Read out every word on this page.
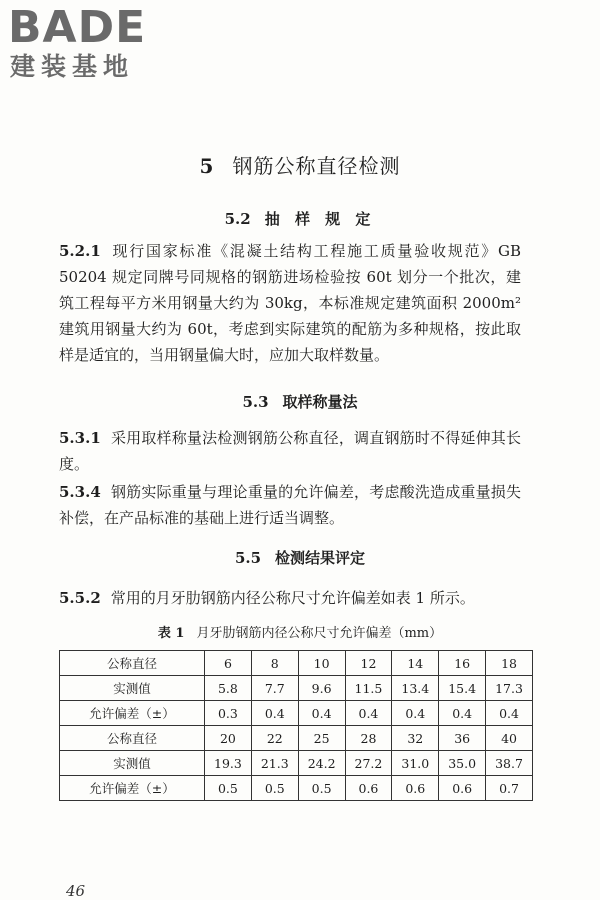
BADE
建装基地
5 钢筋公称直径检测
5.2 抽 样 规 定
5.2.1 现行国家标准《混凝土结构工程施工质量验收规范》GB 50204 规定同牌号同规格的钢筋进场检验按 60t 划分一个批次，建筑工程每平方米用钢量大约为 30kg，本标准规定建筑面积 2000m² 建筑用钢量大约为 60t，考虑到实际建筑的配筋为多种规格，按此取样是适宜的，当用钢量偏大时，应加大取样数量。
5.3 取样称量法
5.3.1 采用取样称量法检测钢筋公称直径，调直钢筋时不得延伸其长度。
5.3.4 钢筋实际重量与理论重量的允许偏差，考虑酸洗造成重量损失补偿，在产品标准的基础上进行适当调整。
5.5 检测结果评定
5.5.2 常用的月牙肋钢筋内径公称尺寸允许偏差如表 1 所示。
表 1 月牙肋钢筋内径公称尺寸允许偏差（mm）
公称直径	6	8	10	12	14	16	18
实测值	5.8	7.7	9.6	11.5	13.4	15.4	17.3
允许偏差（±）	0.3	0.4	0.4	0.4	0.4	0.4	0.4
公称直径	20	22	25	28	32	36	40
实测值	19.3	21.3	24.2	27.2	31.0	35.0	38.7
允许偏差（±）	0.5	0.5	0.5	0.6	0.6	0.6	0.7
46
